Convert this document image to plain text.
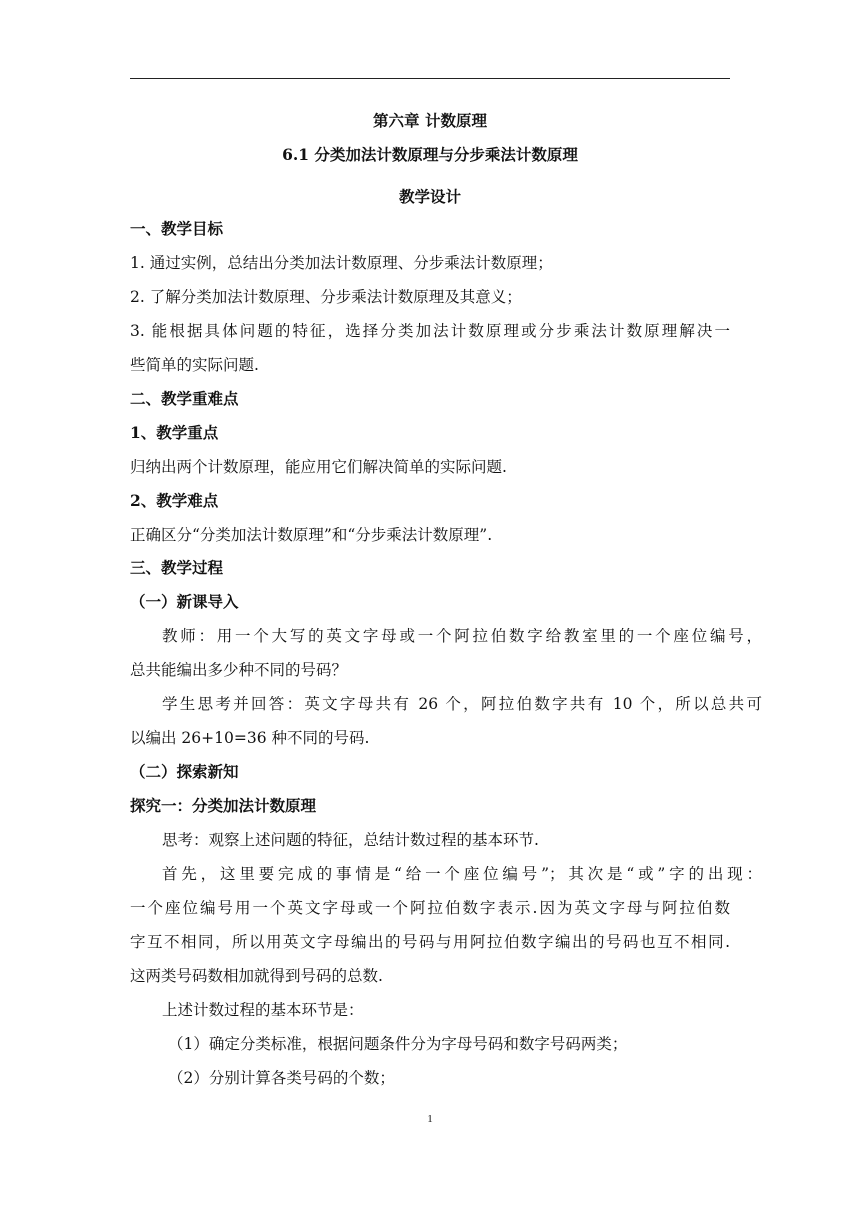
第六章 计数原理
6.1 分类加法计数原理与分步乘法计数原理
教学设计
一、教学目标
1. 通过实例，总结出分类加法计数原理、分步乘法计数原理；
2. 了解分类加法计数原理、分步乘法计数原理及其意义；
3. 能根据具体问题的特征，选择分类加法计数原理或分步乘法计数原理解决一
些简单的实际问题.
二、教学重难点
1、教学重点
归纳出两个计数原理，能应用它们解决简单的实际问题.
2、教学难点
正确区分“分类加法计数原理”和“分步乘法计数原理”.
三、教学过程
（一）新课导入
教师：用一个大写的英文字母或一个阿拉伯数字给教室里的一个座位编号，
总共能编出多少种不同的号码？
学生思考并回答：英文字母共有 26 个，阿拉伯数字共有 10 个，所以总共可
以编出 26+10=36 种不同的号码.
（二）探索新知
探究一：分类加法计数原理
思考：观察上述问题的特征，总结计数过程的基本环节.
首先，这里要完成的事情是“给一个座位编号”；其次是“或”字的出现：
一个座位编号用一个英文字母或一个阿拉伯数字表示.因为英文字母与阿拉伯数
字互不相同，所以用英文字母编出的号码与用阿拉伯数字编出的号码也互不相同.
这两类号码数相加就得到号码的总数.
上述计数过程的基本环节是：
（1）确定分类标准，根据问题条件分为字母号码和数字号码两类；
（2）分别计算各类号码的个数；
1
